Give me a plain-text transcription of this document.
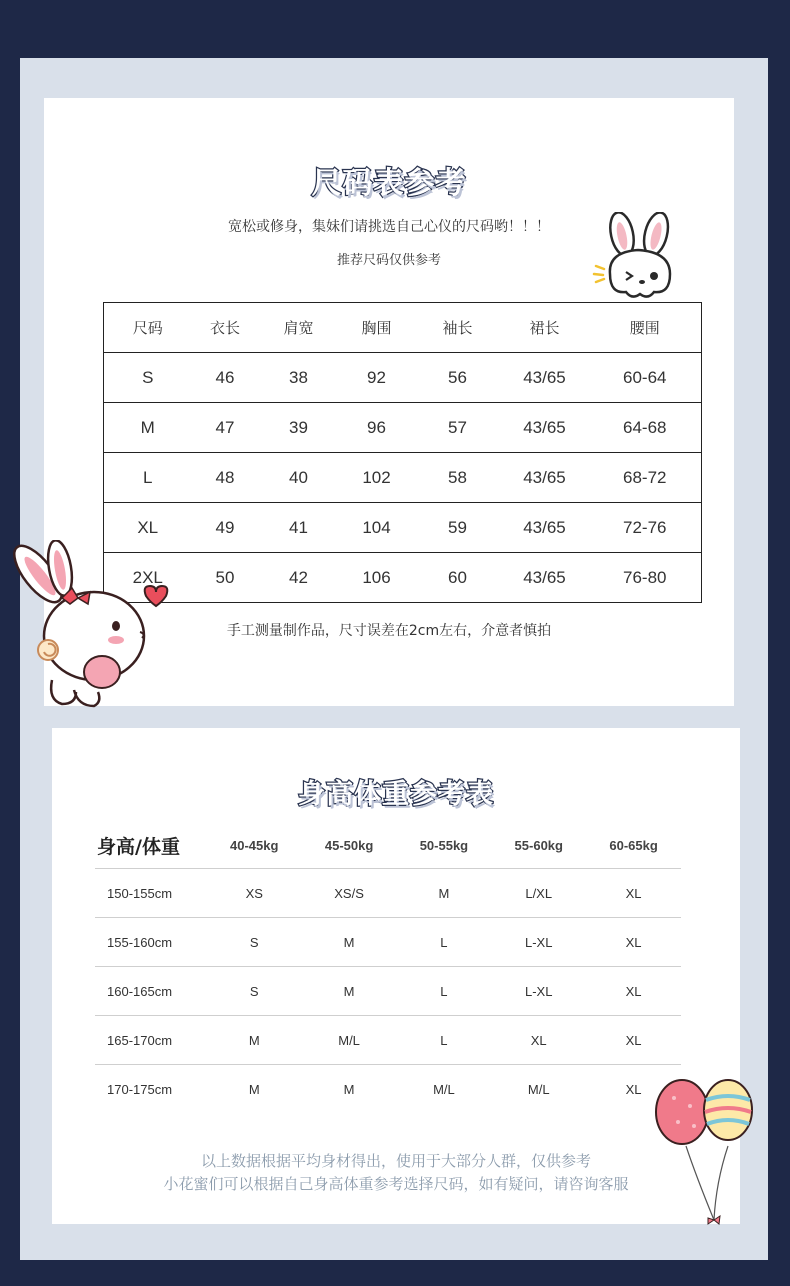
尺码表参考
宽松或修身，集妹们请挑选自己心仪的尺码哟！！！
推荐尺码仅供参考
尺码	衣长	肩宽	胸围	袖长	裙长	腰围
S	46	38	92	56	43/65	60-64
M	47	39	96	57	43/65	64-68
L	48	40	102	58	43/65	68-72
XL	49	41	104	59	43/65	72-76
2XL	50	42	106	60	43/65	76-80
手工测量制作品，尺寸误差在2cm左右，介意者慎拍
身高体重参考表
身高/体重	40-45kg	45-50kg	50-55kg	55-60kg	60-65kg
150-155cm	XS	XS/S	M	L/XL	XL
155-160cm	S	M	L	L-XL	XL
160-165cm	S	M	L	L-XL	XL
165-170cm	M	M/L	L	XL	XL
170-175cm	M	M	M/L	M/L	XL
以上数据根据平均身材得出，使用于大部分人群，仅供参考
小花蜜们可以根据自己身高体重参考选择尺码，如有疑问，请咨询客服
